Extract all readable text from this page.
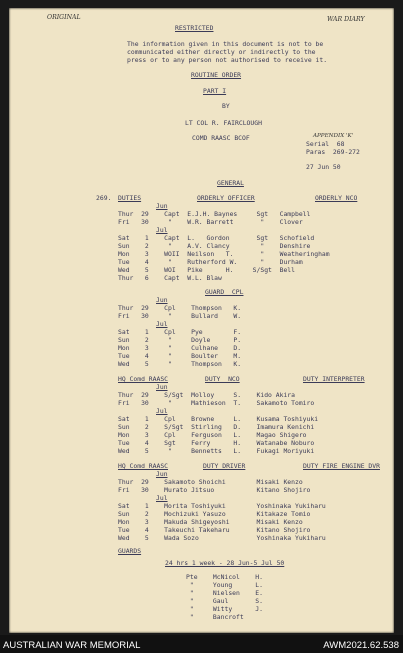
ORIGINAL	WAR DIARY
RESTRICTED
The information given in this document is not to be
communicated either directly or indirectly to the
press or to any person not authorised to receive it.
ROUTINE ORDER
PART I
BY
LT COL R. FAIRCLOUGH
COMD RAASC BCOF	APPENDIX 'K'
Serial  68
Paras  269-272
27 Jun 50
GENERAL
269. DUTIES	ORDERLY OFFICER	ORDERLY NCO
Jun
Thur  29    Capt  E.J.H. Baynes     Sgt   Campbell
Fri   30     "    W.R. Barrett       "    Clover
Jul
Sat    1    Capt  L.   Gordon       Sgt   Schofield
Sun    2     "    A.V. Clancy        "    Denshire
Mon    3    WOII  Neilson   T.       "    Weatheringham
Tue    4     "    Rutherford W.      "    Durham
Wed    5    WOI   Pike      H.     S/Sgt  Bell
Thur   6    Capt  W.L. Blaw
GUARD  CPL
Jun
Thur  29    Cpl    Thompson   K.
Fri   30     "     Bullard    W.
Jul
Sat    1    Cpl    Pye        F.
Sun    2     "     Doyle      P.
Mon    3     "     Culhane    D.
Tue    4     "     Boulter    M.
Wed    5     "     Thompson   K.
HQ Comd RAASC	DUTY  NCO	DUTY INTERPRETER
Jun
Thur  29    S/Sgt  Molloy     S.    Kido Akira
Fri   30     "     Mathieson  T.    Sakamoto Tomiro
Jul
Sat    1    Cpl    Browne     L.    Kusama Toshiyuki
Sun    2    S/Sgt  Stirling   D.    Imamura Kenichi
Mon    3    Cpl    Ferguson   L.    Magao Shigero
Tue    4    Sgt    Ferry      H.    Watanabe Noburo
Wed    5     "     Bennetts   L.    Fukagi Moriyuki
HQ Comd RAASC	DUTY DRIVER	DUTY FIRE ENGINE DVR
Jun
Thur  29    Sakamoto Shoichi        Misaki Kenzo
Fri   30    Murato Jitsuo           Kitano Shojiro
Jul
Sat    1    Morita Toshiyuki        Yoshinaka Yukiharu
Sun    2    Mochizuki Yasuzo        Kitakaze Tomio
Mon    3    Makuda Shigeyoshi       Misaki Kenzo
Tue    4    Takeuchi Takeharu       Kitano Shojiro
Wed    5    Wada Sozo               Yoshinaka Yukiharu
GUARDS
24 hrs 1 week - 28 Jun-5 Jul 50
Pte    McNicol    H.
"     Young      L.
"     Nielsen    E.
"     Gaul       S.
"     Witty      J.
"     Bancroft
AUSTRALIAN WAR MEMORIAL	AWM2021.62.538
